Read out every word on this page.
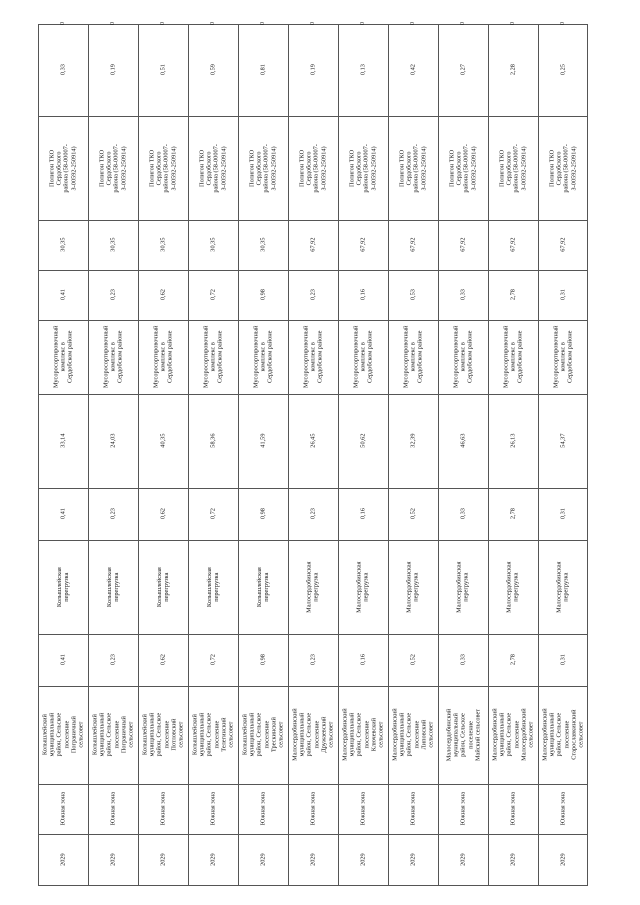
2029
Южная зона
Колышлейский муниципальный район, Сельское поселение Пограничный сельсовет
0,41
Колышлейская перегрузка
0,41
33,14
Мусоросортировочный комплекс в Сердобском районе
0,41
30,35
Полигон ТКО Сердобского района (58-00007-З-00592-250914)
0,33
0
2029
Южная зона
Колышлейский муниципальный район, Сельское поселение Пограничный сельсовет
0,23
Колышлейская перегрузка
0,23
24,03
Мусоросортировочный комплекс в Сердобском районе
0,23
30,35
Полигон ТКО Сердобского района (58-00007-З-00592-250914)
0,19
0
2029
Южная зона
Колышлейский муниципальный район, Сельское поселение Потловский сельсовет
0,62
Колышлейская перегрузка
0,62
40,35
Мусоросортировочный комплекс в Сердобском районе
0,62
30,35
Полигон ТКО Сердобского района (58-00007-З-00592-250914)
0,51
0
2029
Южная зона
Колышлейский муниципальный район, Сельское поселение Телегинский сельсовет
0,72
Колышлейская перегрузка
0,72
58,36
Мусоросортировочный комплекс в Сердобском районе
0,72
30,35
Полигон ТКО Сердобского района (58-00007-З-00592-250914)
0,59
0
2029
Южная зона
Колышлейский муниципальный район, Сельское поселение Трескинский сельсовет
0,98
Колышлейская перегрузка
0,98
41,59
Мусоросортировочный комплекс в Сердобском районе
0,98
30,35
Полигон ТКО Сердобского района (58-00007-З-00592-250914)
0,81
0
2029
Южная зона
Малосердобинский муниципальный район, Сельское поселение Дружаевский сельсовет
0,23
Малосердобинская перегрузка
0,23
26,45
Мусоросортировочный комплекс в Сердобском районе
0,23
67,92
Полигон ТКО Сердобского района (58-00007-З-00592-250914)
0,19
0
2029
Южная зона
Малосердобинский муниципальный район, Сельское поселение Ключевский сельсовет
0,16
Малосердобинская перегрузка
0,16
50,62
Мусоросортировочный комплекс в Сердобском районе
0,16
67,92
Полигон ТКО Сердобского района (58-00007-З-00592-250914)
0,13
0
2029
Южная зона
Малосердобинский муниципальный район, Сельское поселение Липовский сельсовет
0,52
Малосердобинская перегрузка
0,52
32,39
Мусоросортировочный комплекс в Сердобском районе
0,53
67,92
Полигон ТКО Сердобского района (58-00007-З-00592-250914)
0,42
0
2029
Южная зона
Малосердобинский муниципальный район, Сельское поселение Майский сельсовет
0,33
Малосердобинская перегрузка
0,33
46,63
Мусоросортировочный комплекс в Сердобском районе
0,33
67,92
Полигон ТКО Сердобского района (58-00007-З-00592-250914)
0,27
0
2029
Южная зона
Малосердобинский муниципальный район, Сельское поселение Малосердобинский сельсовет
2,78
Малосердобинская перегрузка
2,78
26,13
Мусоросортировочный комплекс в Сердобском районе
2,78
67,92
Полигон ТКО Сердобского района (58-00007-З-00592-250914)
2,28
0
2029
Южная зона
Малосердобинский муниципальный район, Сельское поселение Старославкинский сельсовет
0,31
Малосердобинская перегрузка
0,31
54,37
Мусоросортировочный комплекс в Сердобском районе
0,31
67,92
Полигон ТКО Сердобского района (58-00007-З-00592-250914)
0,25
0
